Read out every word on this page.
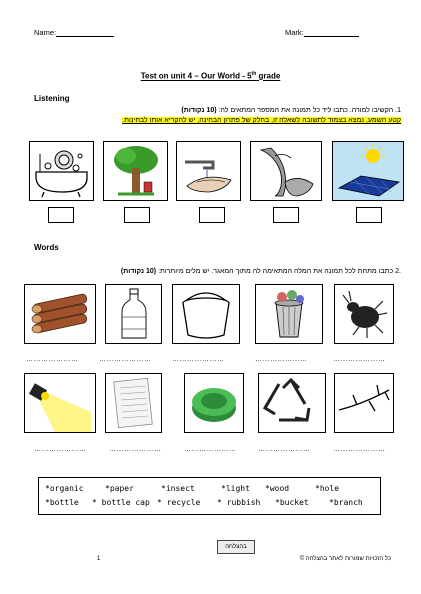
Name:	Mark:
Test on unit 4 – Our World - 5th grade
Listening
1. הקשיבו למורה. כתבו ליד כל תמונה את המספר המתאים לה: (10 נקודות)
קטע השמע, נמצא בצמוד לתשובה לשאלה זו, בחלק של פתרון הבחינה, יש להקריא אותו לבחינות.
Words
.2 כתבו מתחת לכל תמונה את המלה המתאימה לה מתוך המאגר. יש מלים מיותרות: (10 נקודות)
…………………	…………………	…………………	…………………	…………………
…………………	…………………	…………………	…………………	…………………
*organic	*paper	*insect	*light *wood	*hole
*bottle * bottle cap * recycle * rubbish *bucket	*branch
1
בהצלחה
כל הזכויות שמורות לאתר בהצלחה ©
